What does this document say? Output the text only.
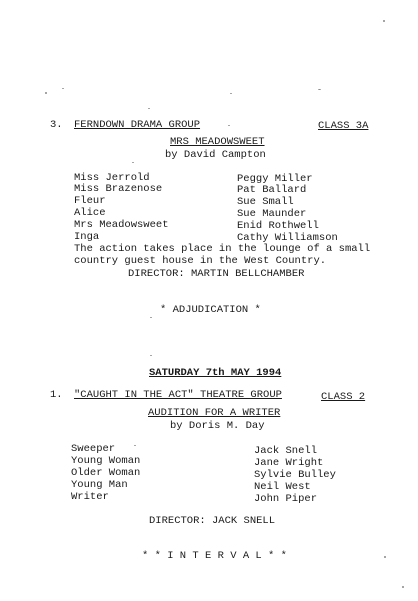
3. FERNDOWN DRAMA GROUP	CLASS 3A
MRS MEADOWSWEET
by David Campton
Miss Jerrold	Peggy Miller
Miss Brazenose	Pat Ballard
Fleur	Sue Small
Alice	Sue Maunder
Mrs Meadowsweet	Enid Rothwell
Inga	Cathy Williamson
The action takes place in the lounge of a small
country guest house in the West Country.
DIRECTOR: MARTIN BELLCHAMBER
* ADJUDICATION *
SATURDAY 7th MAY 1994
1. "CAUGHT IN THE ACT" THEATRE GROUP	CLASS 2
AUDITION FOR A WRITER
by Doris M. Day
Sweeper	Jack Snell
Young Woman	Jane Wright
Older Woman	Sylvie Bulley
Young Man	Neil West
Writer	John Piper
DIRECTOR: JACK SNELL
* * I N T E R V A L * *
